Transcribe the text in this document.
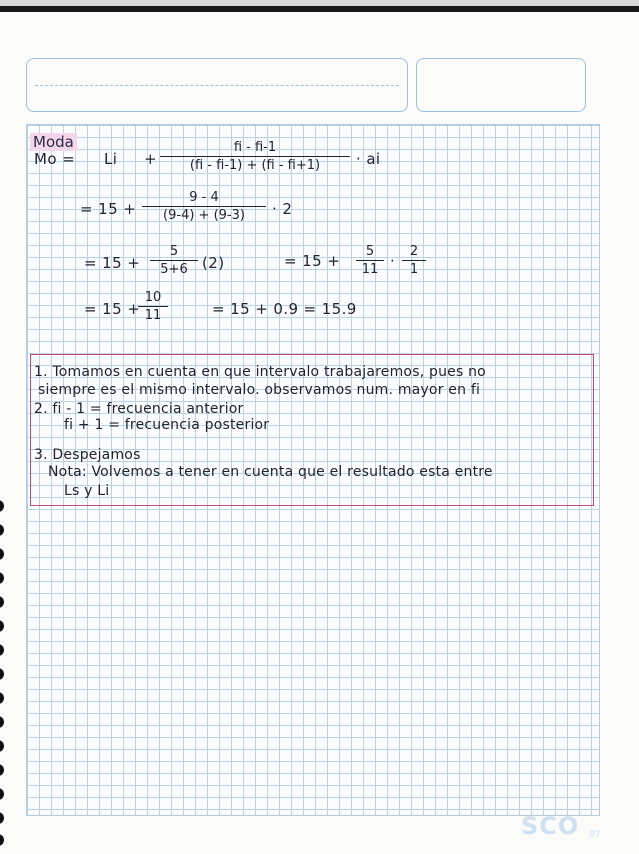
Moda
Mo = Li +
fi - fi-1
(fi - fi-1) + (fi - fi+1)	· ai
= 15 +
9 - 4
(9-4) + (9-3)	· 2
= 15 +
5
5+6 (2)	= 15 +
5
11 ·
2
1
= 15 +
10
11	= 15 + 0.9 = 15.9
1. Tomamos en cuenta en que intervalo trabajaremos, pues no
siempre es el mismo intervalo. observamos num. mayor en fi
2. fi - 1 = frecuencia anterior
fi + 1 = frecuencia posterior
3. Despejamos
Nota: Volvemos a tener en cuenta que el resultado esta entre
Ls y Li
SCO 87
